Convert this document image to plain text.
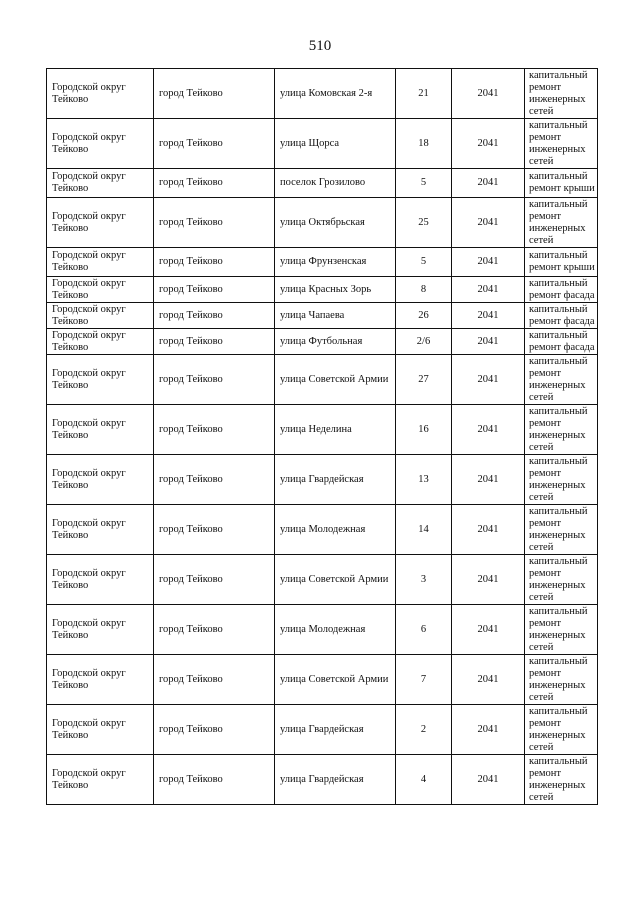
510
Городской округ Тейково	город Тейково	улица Комовская 2-я	21	2041	капитальный ремонт инженерных сетей
Городской округ Тейково	город Тейково	улица Щорса	18	2041	капитальный ремонт инженерных сетей
Городской округ Тейково	город Тейково	поселок Грозилово	5	2041	капитальный ремонт крыши
Городской округ Тейково	город Тейково	улица Октябрьская	25	2041	капитальный ремонт инженерных сетей
Городской округ Тейково	город Тейково	улица Фрунзенская	5	2041	капитальный ремонт крыши
Городской округ Тейково	город Тейково	улица Красных Зорь	8	2041	капитальный ремонт фасада
Городской округ Тейково	город Тейково	улица Чапаева	26	2041	капитальный ремонт фасада
Городской округ Тейково	город Тейково	улица Футбольная	2/6	2041	капитальный ремонт фасада
Городской округ Тейково	город Тейково	улица Советской Армии	27	2041	капитальный ремонт инженерных сетей
Городской округ Тейково	город Тейково	улица Неделина	16	2041	капитальный ремонт инженерных сетей
Городской округ Тейково	город Тейково	улица Гвардейская	13	2041	капитальный ремонт инженерных сетей
Городской округ Тейково	город Тейково	улица Молодежная	14	2041	капитальный ремонт инженерных сетей
Городской округ Тейково	город Тейково	улица Советской Армии	3	2041	капитальный ремонт инженерных сетей
Городской округ Тейково	город Тейково	улица Молодежная	6	2041	капитальный ремонт инженерных сетей
Городской округ Тейково	город Тейково	улица Советской Армии	7	2041	капитальный ремонт инженерных сетей
Городской округ Тейково	город Тейково	улица Гвардейская	2	2041	капитальный ремонт инженерных сетей
Городской округ Тейково	город Тейково	улица Гвардейская	4	2041	капитальный ремонт инженерных сетей
